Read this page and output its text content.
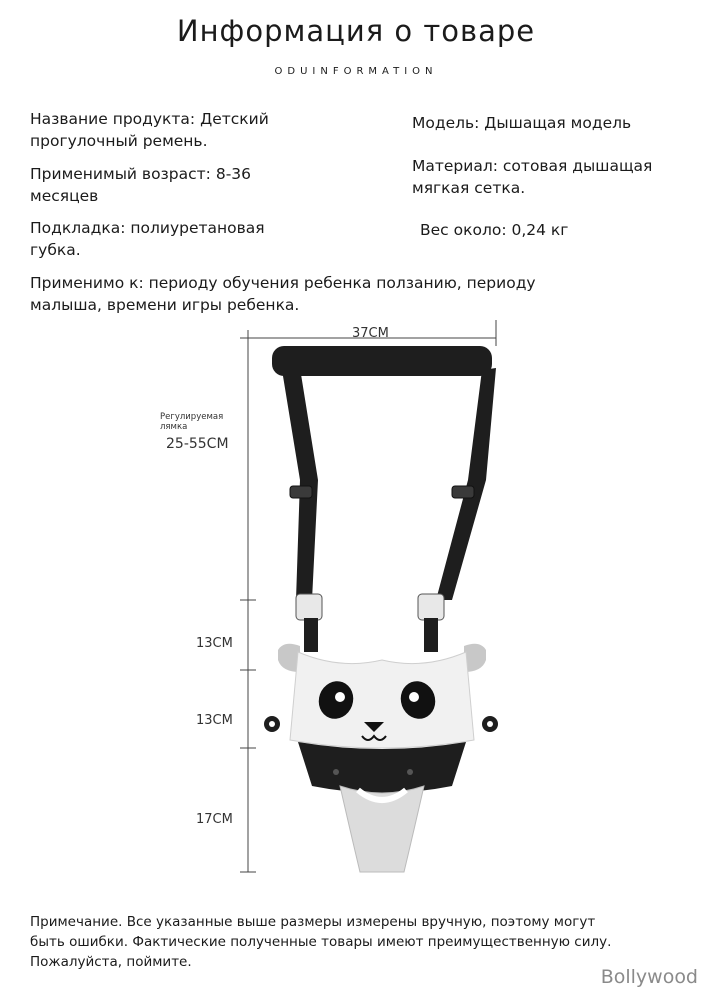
Информация о товаре
ODUINFORMATION
Название продукта: Детский
прогулочный ремень.
Модель: Дышащая модель
Применимый возраст: 8-36
месяцев
Материал: сотовая дышащая
мягкая сетка.
Подкладка: полиуретановая
губка.
Вес около: 0,24 кг
Применимо к: периоду обучения ребенка ползанию, периоду
малыша, времени игры ребенка.
37CM
Регулируемая
лямка
25-55CM
13CM
13CM
17CM
Примечание. Все указанные выше размеры измерены вручную, поэтому могут
быть ошибки. Фактические полученные товары имеют преимущественную силу.
Пожалуйста, поймите.
Bollywood
